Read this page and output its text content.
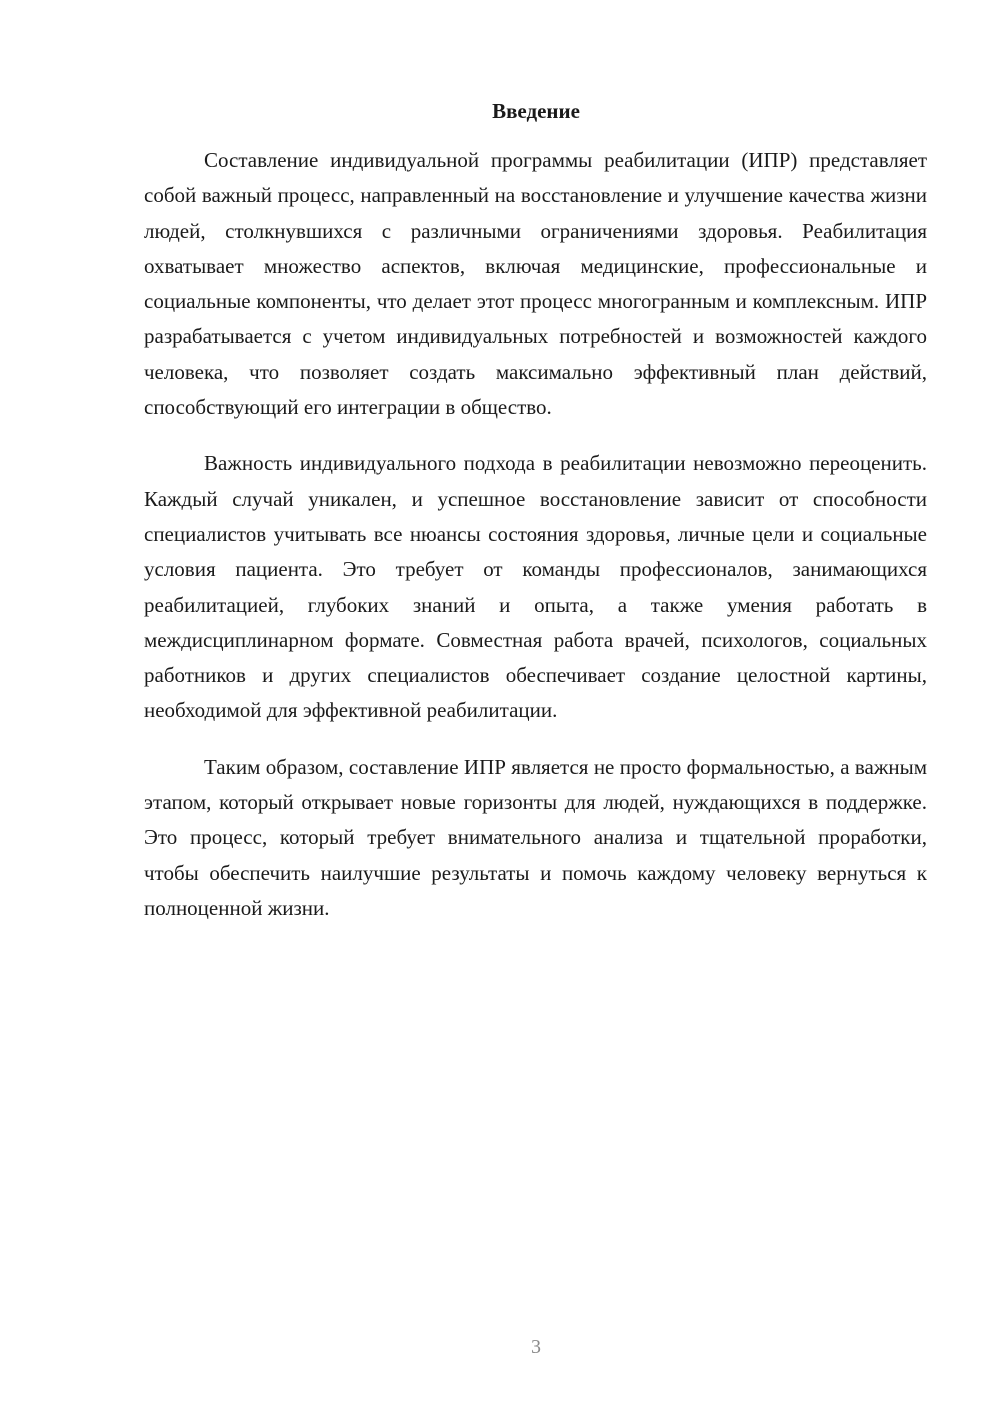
Введение

Составление индивидуальной программы реабилитации (ИПР) представляет собой важный процесс, направленный на восстановление и улучшение качества жизни людей, столкнувшихся с различными ограничениями здоровья. Реабилитация охватывает множество аспектов, включая медицинские, профессиональные и социальные компоненты, что делает этот процесс многогранным и комплексным. ИПР разрабатывается с учетом индивидуальных потребностей и возможностей каждого человека, что позволяет создать максимально эффективный план действий, способствующий его интеграции в общество.

Важность индивидуального подхода в реабилитации невозможно переоценить. Каждый случай уникален, и успешное восстановление зависит от способности специалистов учитывать все нюансы состояния здоровья, личные цели и социальные условия пациента. Это требует от команды профессионалов, занимающихся реабилитацией, глубоких знаний и опыта, а также умения работать в междисциплинарном формате. Совместная работа врачей, психологов, социальных работников и других специалистов обеспечивает создание целостной картины, необходимой для эффективной реабилитации.

Таким образом, составление ИПР является не просто формальностью, а важным этапом, который открывает новые горизонты для людей, нуждающихся в поддержке. Это процесс, который требует внимательного анализа и тщательной проработки, чтобы обеспечить наилучшие результаты и помочь каждому человеку вернуться к полноценной жизни.

3
